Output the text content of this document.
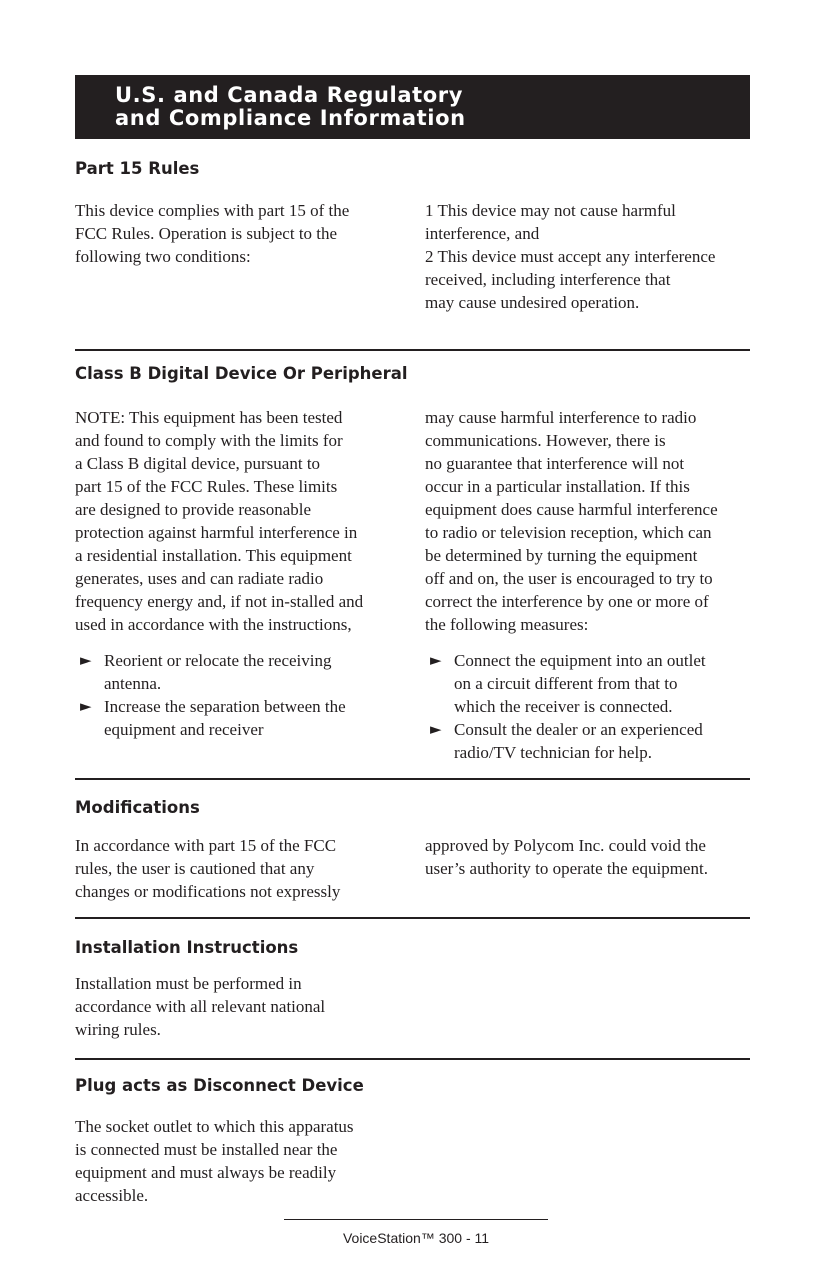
U.S. and Canada Regulatory
and Compliance Information
Part 15 Rules
This device complies with part 15 of the
FCC Rules. Operation is subject to the
following two conditions:
1 This device may not cause harmful
interference, and
2 This device must accept any interference
received, including interference that
may cause undesired operation.
Class B Digital Device Or Peripheral
NOTE: This equipment has been tested
and found to comply with the limits for
a Class B digital device, pursuant to
part 15 of the FCC Rules. These limits
are designed to provide reasonable
protection against harmful interference in
a residential installation. This equipment
generates, uses and can radiate radio
frequency energy and, if not in-stalled and
used in accordance with the instructions,
may cause harmful interference to radio
communications. However, there is
no guarantee that interference will not
occur in a particular installation. If this
equipment does cause harmful interference
to radio or television reception, which can
be determined by turning the equipment
off and on, the user is encouraged to try to
correct the interference by one or more of
the following measures:
► Reorient or relocate the receiving
antenna.
► Increase the separation between the
equipment and receiver
► Connect the equipment into an outlet
on a circuit different from that to
which the receiver is connected.
► Consult the dealer or an experienced
radio/TV technician for help.
Modifications
In accordance with part 15 of the FCC
rules, the user is cautioned that any
changes or modifications not expressly
approved by Polycom Inc. could void the
user’s authority to operate the equipment.
Installation Instructions
Installation must be performed in
accordance with all relevant national
wiring rules.
Plug acts as Disconnect Device
The socket outlet to which this apparatus
is connected must be installed near the
equipment and must always be readily
accessible.
VoiceStation™ 300 - 11
